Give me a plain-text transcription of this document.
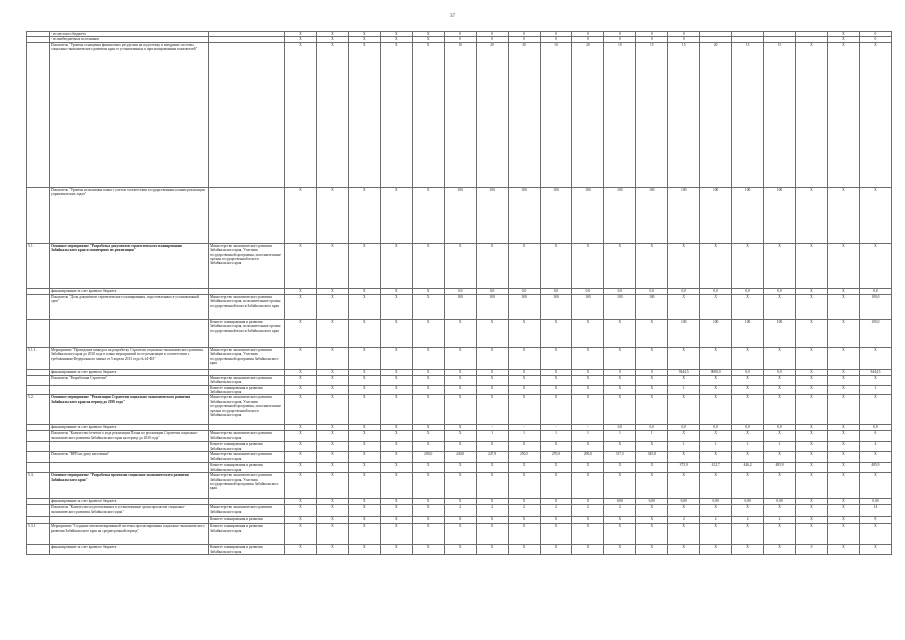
37
	- из местного бюджета		Х	Х	Х	Х	Х	0	0	0	0	0	0	0	0					Х	0
	- из внебюджетных источников		Х	Х	Х	Х	Х	0	0	0	0	0	0	0	0					Х	0
	Показатель "Уровень оснащения финансовых ресурсами на подготовку и внедрение системы социально-экономического развития края от установленных к прогнозированным показателей"		Х	Х	Х	Х	Х	10	20	30	10	20	10	15	15	20	15	15	Х	Х	Х
	Показатель "Уровень исполнения плана с учетом соответствия государственным планам реализации управленческих задач"		Х	Х	Х	Х	Х	100	100	100	100	100	100	100	100	100	100	100	Х	Х	Х
5.1.	Основное мероприятие "Разработка документов стратегического планирования Забайкальского края и мониторинг их реализации"	Министерство экономического развития Забайкальского края, Участник государственной программы, исполнительные органы государственной власти Забайкальского края	Х	Х	Х	Х	Х	Х	Х	Х	Х	Х	Х	Х	Х	Х	Х	Х	Х	Х	Х
	финансирование за счет краевого бюджета		Х	Х	Х	Х	Х	0,0	0,0	0,0	0,0	0,0	0,0	0,0	0,0	0,0	0,0	0,0	Х	Х	0,0
	Показатель "Доля документов стратегического планирования, подготовленных в установленный срок"	Министерство экономического развития Забайкальского края, исполнительные органы государственной власти Забайкальского края	Х	Х	Х	Х	Х	100	100	100	100	100	100	100	Х	Х	Х	Х	Х	Х	100,0
		Комитет планирования и развития Забайкальского края, исполнительные органы государственной власти Забайкальского края	Х	Х	Х	Х	Х	Х	Х	Х	Х	Х	Х	Х	100	100	100	100	Х	Х	100,0
5.1.1.	Мероприятие "Проведение конкурса на разработку Стратегии социально-экономического развития Забайкальского края до 2030 года и плана мероприятий по ее реализации в соответствии с требованиями Федерального закона от 5 апреля 2013 года № 44-ФЗ"	Министерство экономического развития Забайкальского края, Участник государственной программы Забайкальского края	Х	Х	Х	Х	Х	Х	Х	Х	Х	Х	Х	Х	Х	Х	Х	Х	Х	Х	Х
	финансирование за счет краевого бюджета		Х	Х	Х	Х	Х	Х	Х	Х	Х	Х	0	0	9444,5	0000,0	0,0	0,0	Х	Х	9444,5
	Показатель "Разработана Стратегия"	Министерство экономического развития Забайкальского края	Х	Х	Х	Х	Х	Х	Х	Х	Х	Х	Х	Х	Х	Х	Х	Х	Х	Х	Х
		Комитет планирования и развития Забайкальского края	Х	Х	Х	Х	Х	Х	Х	Х	Х	Х	Х	Х	1	Х	Х	Х	Х	Х	1
5.2.	Основное мероприятие "Реализация Стратегии социально-экономического развития Забайкальского края на период до 2030 года"	Министерство экономического развития Забайкальского края, Участник государственной программы, исполнительные органы государственной власти Забайкальского края	Х	Х	Х	Х	Х	Х	Х	Х	Х	Х	Х	Х	Х	Х	Х	Х	Х	Х	Х
	финансирование за счет краевого бюджета		Х	Х	Х	Х	Х	Х	-	-	-	-	0,0	0,0	0,0	0,0	0,0	0,0	Х	Х	0,0
	Показатель "Количество отчетов о ходе реализации Плана по реализации Стратегии социально-экономического развития Забайкальского края на период до 2030 года"	Министерство экономического развития Забайкальского края	Х	Х	Х	Х	Х	Х	1	1	1	1	1	1	Х	Х	Х	Х	Х	Х	6
		Комитет планирования и развития Забайкальского края	Х	Х	Х	Х	Х	Х	Х	Х	Х	Х	Х	Х	1	1	1	1	Х	Х	4
	Показатель "ВРП на душу населения"	Министерство экономического развития Забайкальского края	Х	Х	Х	Х	200,0	240,0	247,9	250,5	270,0	290,0	317,5	345,8	Х	Х	Х	Х	Х	Х	Х
		Комитет планирования и развития Забайкальского края	Х	Х	Х	Х	Х	Х	Х	Х	Х	Х	Х	Х	375,9	412,7	446,2	485,9	Х	Х	485,9
5.3.	Основное мероприятие "Разработка прогнозов социально-экономического развития Забайкальского края"	Министерство экономического развития Забайкальского края, Участник государственной программы Забайкальского края	Х	Х	Х	Х	Х	Х	Х	Х	Х	Х	Х	Х	Х	Х	Х	Х	Х	Х	Х
	финансирование за счет краевого бюджета		Х	Х	Х	Х	Х	Х	Х	Х	Х	Х	0,00	0,00	0,00	0,00	0,00	0,00	Х	Х	0,00
	Показатель "Количество подготовленных в установленные сроки прогнозов социально-экономического развития Забайкальского края"	Министерство экономического развития Забайкальского края	Х	Х	Х	Х	Х	2	2	2	2	2	2	Х	Х	Х	Х	Х	Х	Х	14
		Комитет планирования и развития	Х	Х	Х	Х	Х	Х	Х	Х	Х	Х	Х	Х	2	2	2	2	Х	Х	8
5.3.1	Мероприятие "Создание автоматизированной системы прогнозирования социально-экономического развития Забайкальского края на среднесрочный период"	Комитет планирования и развития Забайкальского края	Х	Х	Х	Х	Х	Х	Х	Х	Х	Х	Х	Х	Х	Х	Х	Х	Х	Х	Х
	финансирование за счет краевого бюджета	Комитет планирования и развития Забайкальского края	Х	Х	Х	Х	Х	Х	Х	Х	Х	Х	Х	Х	Х	Х	Х	Х	0	Х	Х
